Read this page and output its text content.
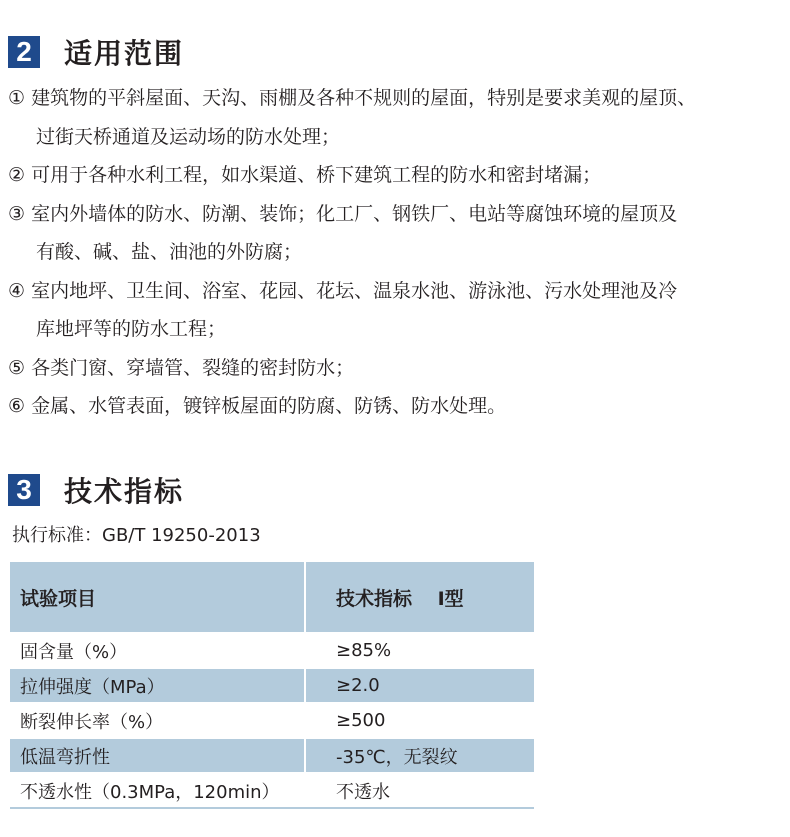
2 适用范围
① 建筑物的平斜屋面、天沟、雨棚及各种不规则的屋面，特别是要求美观的屋顶、
过街天桥通道及运动场的防水处理；
② 可用于各种水利工程，如水渠道、桥下建筑工程的防水和密封堵漏；
③ 室内外墙体的防水、防潮、装饰；化工厂、钢铁厂、电站等腐蚀环境的屋顶及
有酸、碱、盐、油池的外防腐；
④ 室内地坪、卫生间、浴室、花园、花坛、温泉水池、游泳池、污水处理池及冷
库地坪等的防水工程；
⑤ 各类门窗、穿墙管、裂缝的密封防水；
⑥ 金属、水管表面，镀锌板屋面的防腐、防锈、防水处理。
3 技术指标
执行标准：GB/T 19250-2013
试验项目	技术指标　 I型
固含量（%）	≥85%
拉伸强度（MPa）	≥2.0
断裂伸长率（%）	≥500
低温弯折性	-35℃，无裂纹
不透水性（0.3MPa，120min）	不透水
